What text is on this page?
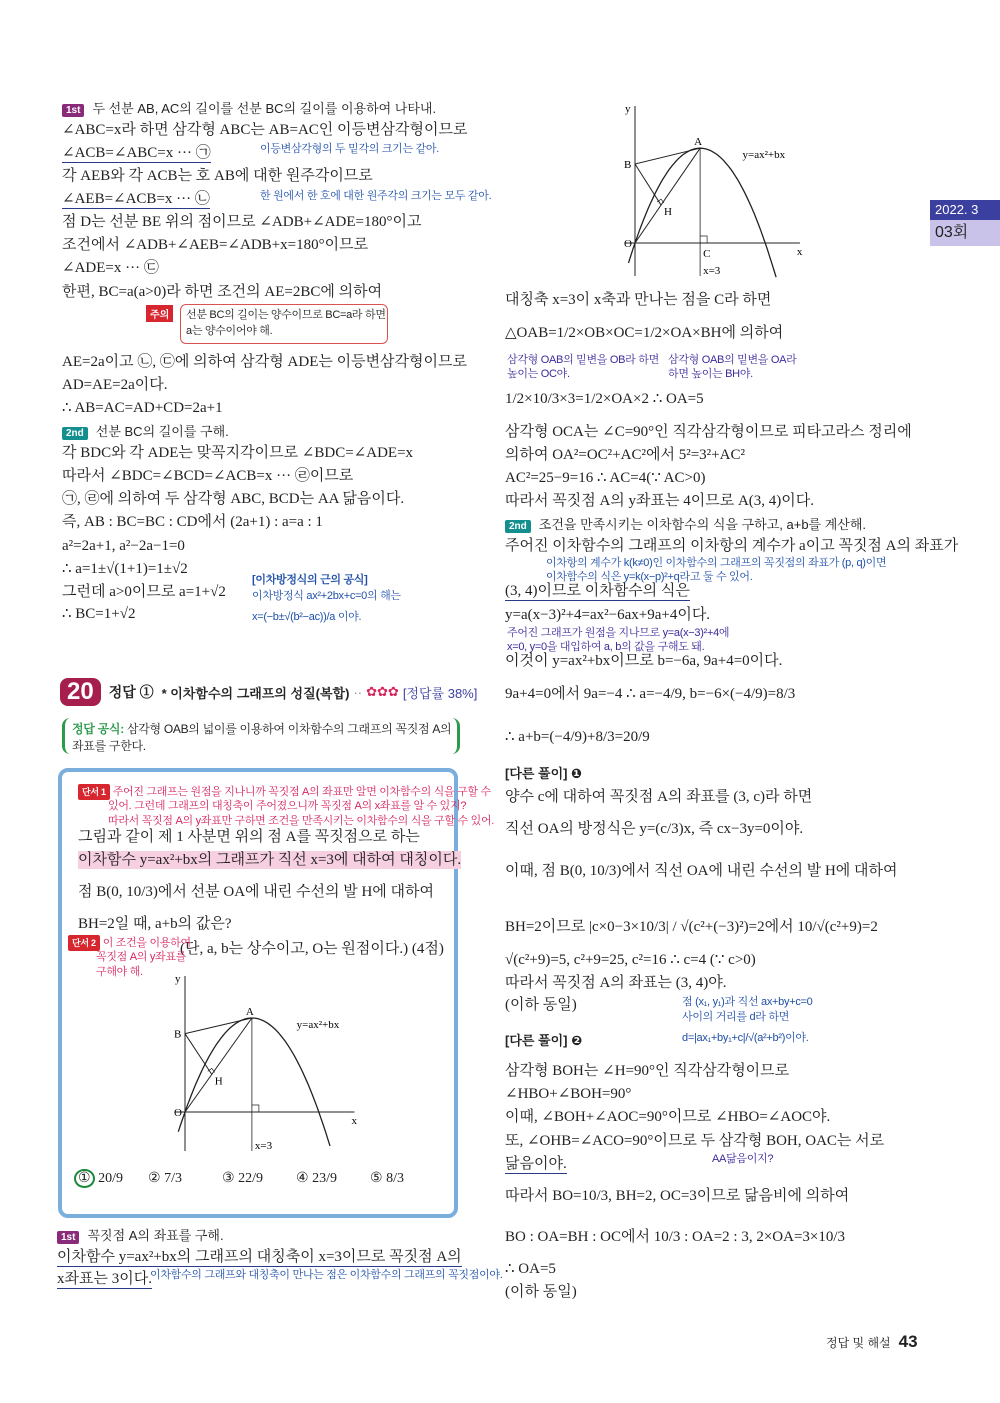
2022. 3
03회
1st 두 선분 AB, AC의 길이를 선분 BC의 길이를 이용하여 나타내.
∠ABC=x라 하면 삼각형 ABC는 AB=AC인 이등변삼각형이므로
∠ACB=∠ABC=x ··· ㉠	이등변삼각형의 두 밑각의 크기는 같아.
각 AEB와 각 ACB는 호 AB에 대한 원주각이므로
∠AEB=∠ACB=x ··· ㉡	한 원에서 한 호에 대한 원주각의 크기는 모두 같아.
점 D는 선분 BE 위의 점이므로 ∠ADB+∠ADE=180°이고
조건에서 ∠ADB+∠AEB=∠ADB+x=180°이므로
∠ADE=x ··· ㉢
한편, BC=a(a>0)라 하면 조건의 AE=2BC에 의하여
주의	선분 BC의 길이는 양수이므로 BC=a라 하면
a는 양수이어야 해.
AE=2a이고 ㉡, ㉢에 의하여 삼각형 ADE는 이등변삼각형이므로
AD=AE=2a이다.
∴ AB=AC=AD+CD=2a+1
2nd 선분 BC의 길이를 구해.
각 BDC와 각 ADE는 맞꼭지각이므로 ∠BDC=∠ADE=x
따라서 ∠BDC=∠BCD=∠ACB=x ··· ㉣이므로
㉠, ㉣에 의하여 두 삼각형 ABC, BCD는 AA 닮음이다.
즉, AB : BC=BC : CD에서 (2a+1) : a=a : 1
a²=2a+1, a²−2a−1=0
∴ a=1±√(1+1)=1±√2
그런데 a>0이므로 a=1+√2
∴ BC=1+√2
[이차방정식의 근의 공식]
이차방정식 ax²+2bx+c=0의 해는
x=(−b±√(b²−ac))/a 이야.
20	정답 ① * 이차함수의 그래프의 성질(복합) ·· ✿✿✿ [정답률 38%]
정답 공식: 삼각형 OAB의 넓이를 이용하여 이차함수의 그래프의 꼭짓점 A의
좌표를 구한다.
단서 1 주어진 그래프는 원점을 지나니까 꼭짓점 A의 좌표만 알면 이차함수의 식을 구할 수
있어. 그런데 그래프의 대칭축이 주어졌으니까 꼭짓점 A의 x좌표를 알 수 있지?
따라서 꼭짓점 A의 y좌표만 구하면 조건을 만족시키는 이차함수의 식을 구할 수 있어.
그림과 같이 제 1 사분면 위의 점 A를 꼭짓점으로 하는
이차함수 y=ax²+bx의 그래프가 직선 x=3에 대하여 대칭이다.
점 B(0, 10/3)에서 선분 OA에 내린 수선의 발 H에 대하여
BH=2일 때, a+b의 값은?
(단, a, b는 상수이고, O는 원점이다.) (4점)
단서 2 이 조건을 이용하여
꼭짓점 A의 y좌표를
구해야 해.
x
y
A
B
H
O
y=ax²+bx
x=3
① 20/9 ② 7/3	③ 22/9 ④ 23/9 ⑤ 8/3
1st 꼭짓점 A의 좌표를 구해.
이차함수 y=ax²+bx의 그래프의 대칭축이 x=3이므로 꼭짓점 A의
x좌표는 3이다.
이차함수의 그래프와 대칭축이 만나는 점은 이차함수의 그래프의 꼭짓점이야.
x
y
A
B
H
O
y=ax²+bx
x=3
C
대칭축 x=3이 x축과 만나는 점을 C라 하면
△OAB=1/2×OB×OC=1/2×OA×BH에 의하여
삼각형 OAB의 밑변을 OB라 하면
높이는 OC야.
삼각형 OAB의 밑변을 OA라
하면 높이는 BH야.
1/2×10/3×3=1/2×OA×2 ∴ OA=5
삼각형 OCA는 ∠C=90°인 직각삼각형이므로 피타고라스 정리에
의하여 OA²=OC²+AC²에서 5²=3²+AC²
AC²=25−9=16 ∴ AC=4(∵ AC>0)
따라서 꼭짓점 A의 y좌표는 4이므로 A(3, 4)이다.
2nd 조건을 만족시키는 이차함수의 식을 구하고, a+b를 계산해.
주어진 이차함수의 그래프의 이차항의 계수가 a이고 꼭짓점 A의 좌표가
이차항의 계수가 k(k≠0)인 이차함수의 그래프의 꼭짓점의 좌표가 (p, q)이면
이차함수의 식은 y=k(x−p)²+q라고 둘 수 있어.
(3, 4)이므로 이차함수의 식은
y=a(x−3)²+4=ax²−6ax+9a+4이다.
주어진 그래프가 원점을 지나므로 y=a(x−3)²+4에
x=0, y=0을 대입하여 a, b의 값을 구해도 돼.
이것이 y=ax²+bx이므로 b=−6a, 9a+4=0이다.
9a+4=0에서 9a=−4 ∴ a=−4/9, b=−6×(−4/9)=8/3
∴ a+b=(−4/9)+8/3=20/9
[다른 풀이] ❶
양수 c에 대하여 꼭짓점 A의 좌표를 (3, c)라 하면
직선 OA의 방정식은 y=(c/3)x, 즉 cx−3y=0이야.
이때, 점 B(0, 10/3)에서 직선 OA에 내린 수선의 발 H에 대하여
BH=2이므로 |c×0−3×10/3| / √(c²+(−3)²)=2에서 10/√(c²+9)=2
√(c²+9)=5, c²+9=25, c²=16 ∴ c=4 (∵ c>0)
따라서 꼭짓점 A의 좌표는 (3, 4)야.
(이하 동일)	점 (x₁, y₁)과 직선 ax+by+c=0
사이의 거리를 d라 하면
d=|ax₁+by₁+c|/√(a²+b²)이야.
[다른 풀이] ❷
삼각형 BOH는 ∠H=90°인 직각삼각형이므로
∠HBO+∠BOH=90°
이때, ∠BOH+∠AOC=90°이므로 ∠HBO=∠AOC야.
또, ∠OHB=∠ACO=90°이므로 두 삼각형 BOH, OAC는 서로
닮음이야.	AA닮음이지?
따라서 BO=10/3, BH=2, OC=3이므로 닮음비에 의하여
BO : OA=BH : OC에서 10/3 : OA=2 : 3, 2×OA=3×10/3
∴ OA=5
(이하 동일)
정답 및 해설 43
